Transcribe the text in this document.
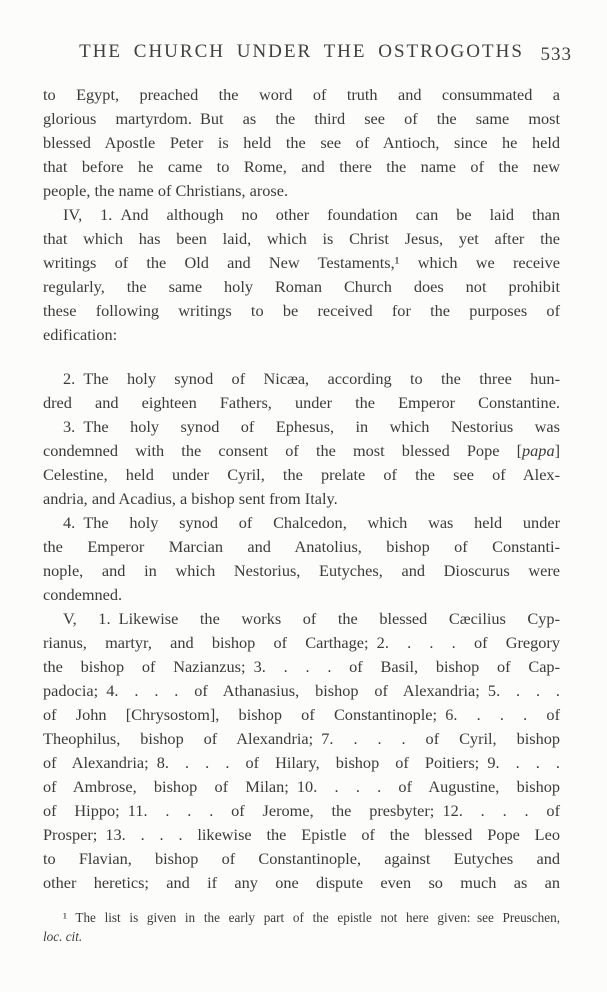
THE CHURCH UNDER THE OSTROGOTHS 533

to Egypt, preached the word of truth and consummated a
glorious martyrdom. But as the third see of the same most
blessed Apostle Peter is held the see of Antioch, since he held
that before he came to Rome, and there the name of the new
people, the name of Christians, arose.

IV, 1. And although no other foundation can be laid than
that which has been laid, which is Christ Jesus, yet after the
writings of the Old and New Testaments,¹ which we receive
regularly, the same holy Roman Church does not prohibit
these following writings to be received for the purposes of
edification:

2. The holy synod of Nicæa, according to the three hun-
dred and eighteen Fathers, under the Emperor Constantine.

3. The holy synod of Ephesus, in which Nestorius was
condemned with the consent of the most blessed Pope [papa]
Celestine, held under Cyril, the prelate of the see of Alex-
andria, and Acadius, a bishop sent from Italy.

4. The holy synod of Chalcedon, which was held under
the Emperor Marcian and Anatolius, bishop of Constanti-
nople, and in which Nestorius, Eutyches, and Dioscurus were
condemned.

V, 1. Likewise the works of the blessed Cæcilius Cyp-
rianus, martyr, and bishop of Carthage; 2. . . . of Gregory
the bishop of Nazianzus; 3. . . . of Basil, bishop of Cap-
padocia; 4. . . . of Athanasius, bishop of Alexandria; 5. . . .
of John [Chrysostom], bishop of Constantinople; 6. . . . of
Theophilus, bishop of Alexandria; 7. . . . of Cyril, bishop
of Alexandria; 8. . . . of Hilary, bishop of Poitiers; 9. . . .
of Ambrose, bishop of Milan; 10. . . . of Augustine, bishop
of Hippo; 11. . . . of Jerome, the presbyter; 12. . . . of
Prosper; 13. . . . likewise the Epistle of the blessed Pope Leo
to Flavian, bishop of Constantinople, against Eutyches and
other heretics; and if any one dispute even so much as an

¹ The list is given in the early part of the epistle not here given: see Preuschen,
loc. cit.
